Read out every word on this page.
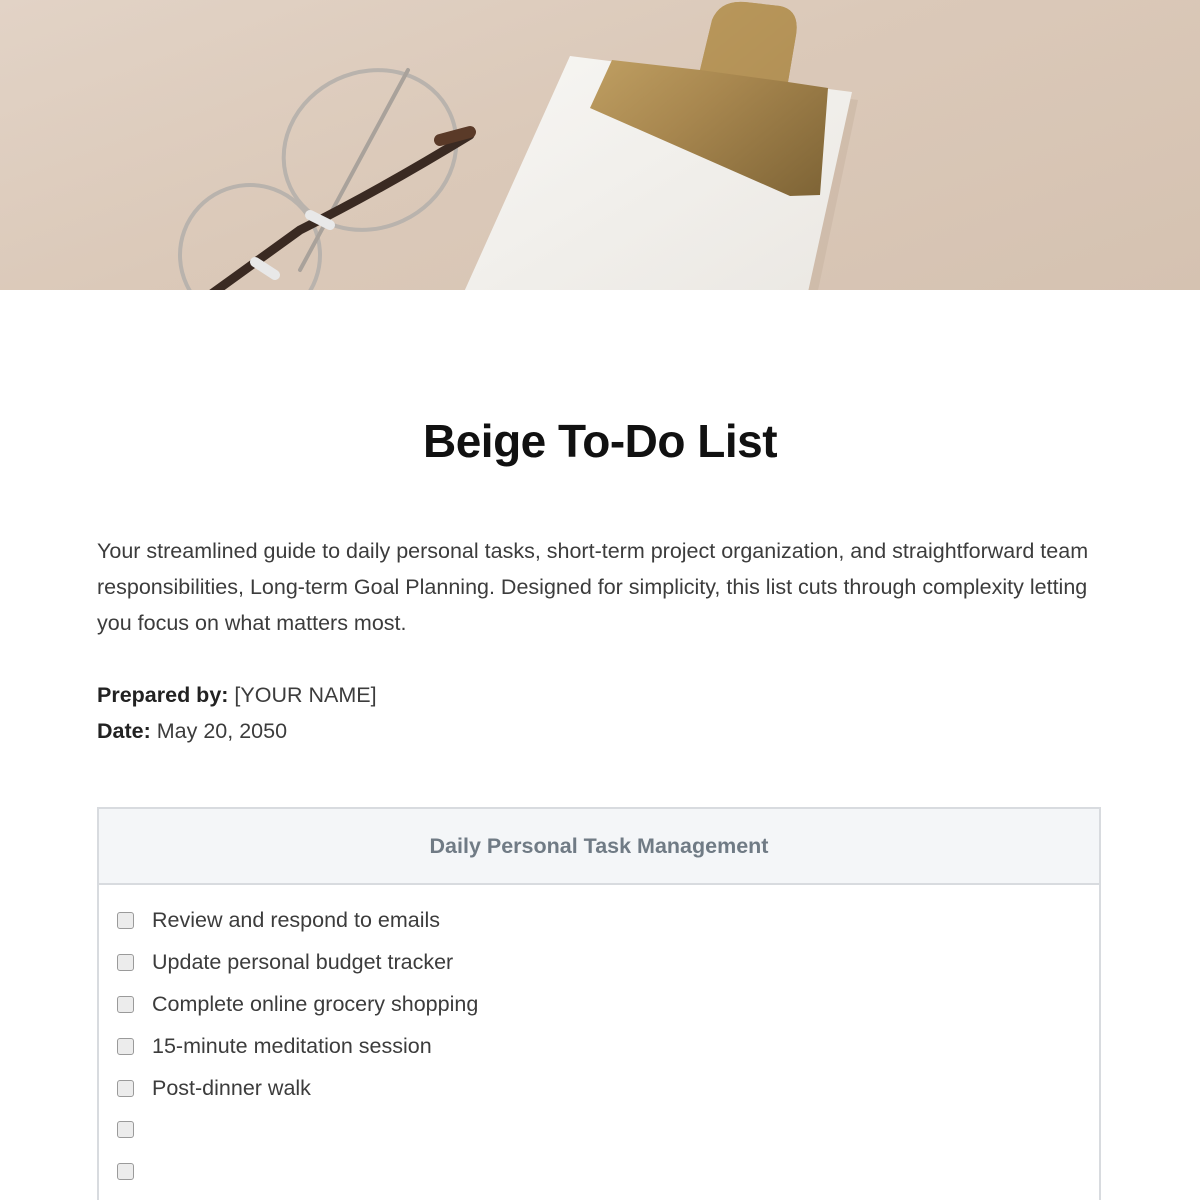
Beige To-Do List

Your streamlined guide to daily personal tasks, short-term project organization, and straightforward team responsibilities, Long-term Goal Planning. Designed for simplicity, this list cuts through complexity letting you focus on what matters most.

Prepared by: [YOUR NAME]
Date: May 20, 2050
Daily Personal Task Management
Review and respond to emails
Update personal budget tracker
Complete online grocery shopping
15-minute meditation session
Post-dinner walk
